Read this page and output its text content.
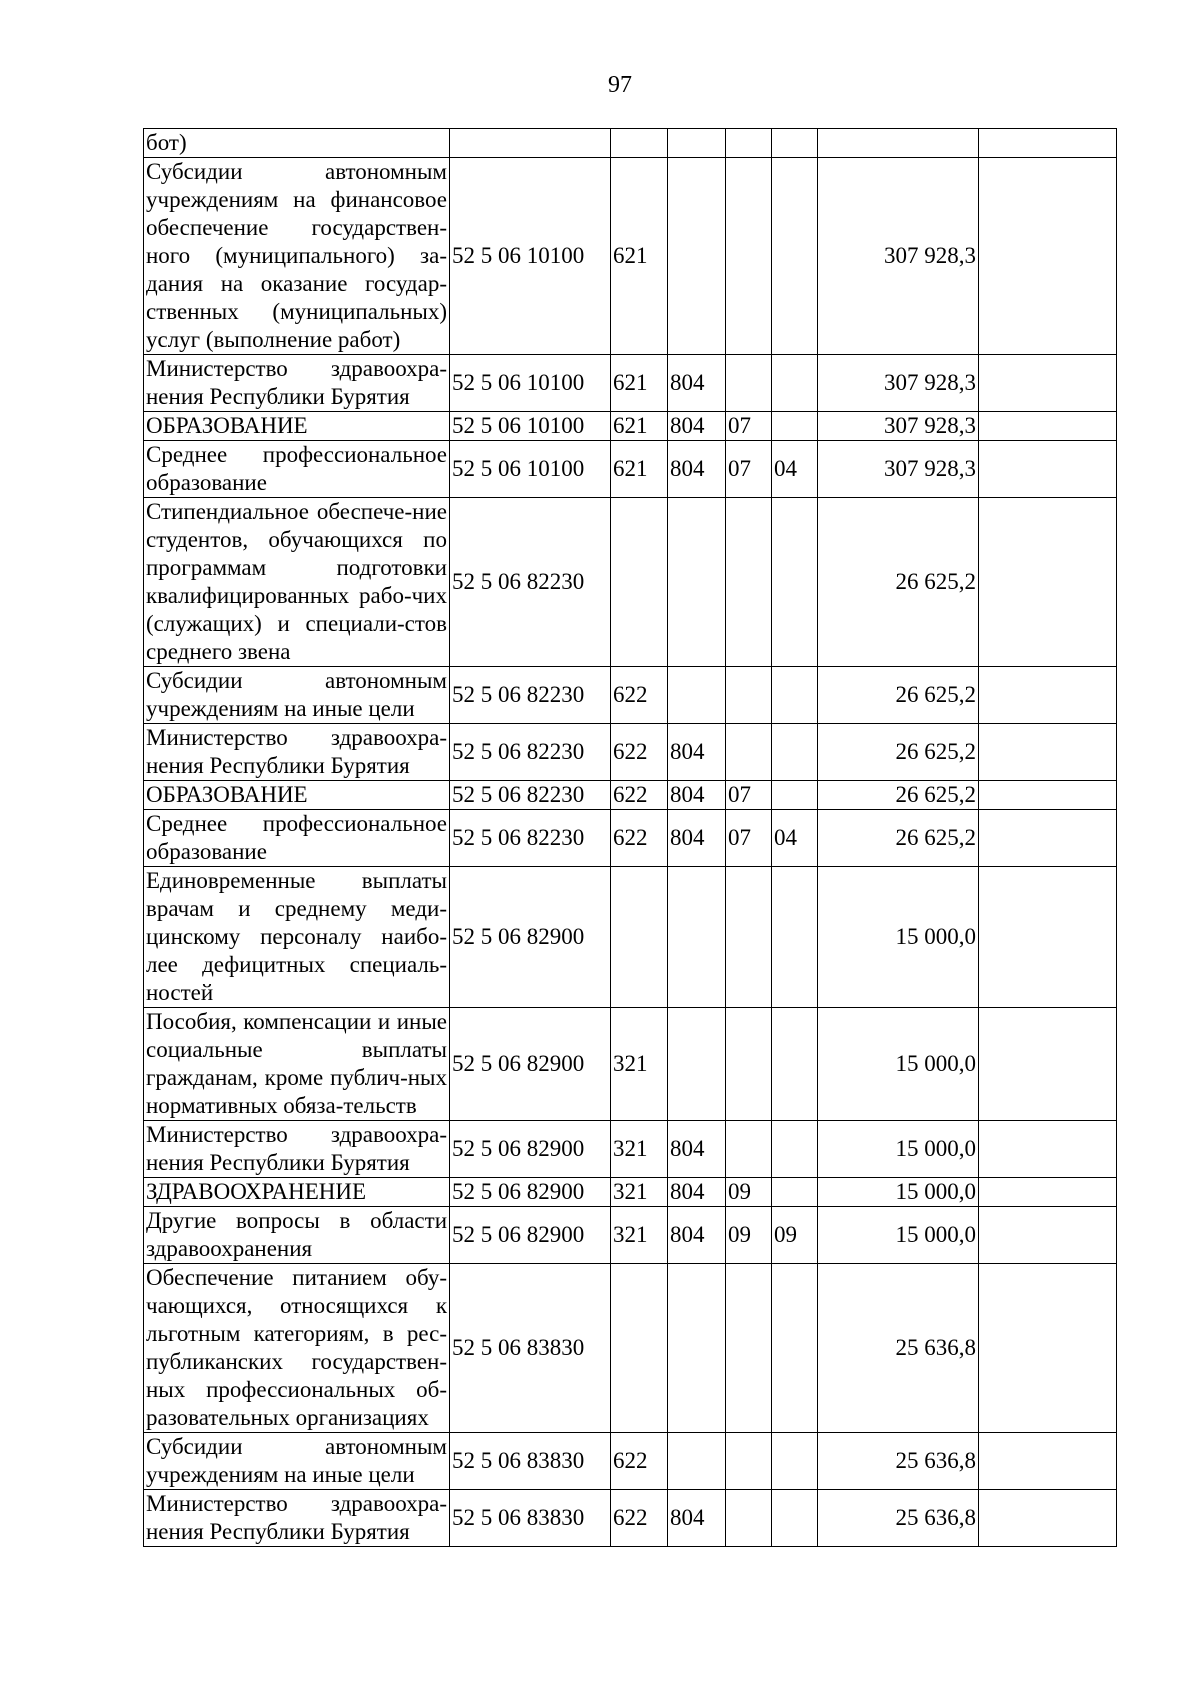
97
бот)							
Субсидии автономным учреждениям на финансовое обеспечение государствен-ного (муниципального) за-дания на оказание государ-ственных (муниципальных) услуг (выполнение работ)	52 5 06 10100	621				307 928,3	
Министерство здравоохра-нения Республики Бурятия	52 5 06 10100	621	804			307 928,3	
ОБРАЗОВАНИЕ	52 5 06 10100	621	804	07		307 928,3	
Среднее профессиональное образование	52 5 06 10100	621	804	07	04	307 928,3	
Стипендиальное обеспече-ние студентов, обучающихся по программам подготовки квалифицированных рабо-чих (служащих) и специали-стов среднего звена	52 5 06 82230					26 625,2	
Субсидии автономным учреждениям на иные цели	52 5 06 82230	622				26 625,2	
Министерство здравоохра-нения Республики Бурятия	52 5 06 82230	622	804			26 625,2	
ОБРАЗОВАНИЕ	52 5 06 82230	622	804	07		26 625,2	
Среднее профессиональное образование	52 5 06 82230	622	804	07	04	26 625,2	
Единовременные выплаты врачам и среднему меди-цинскому персоналу наибо-лее дефицитных специаль-ностей	52 5 06 82900					15 000,0	
Пособия, компенсации и иные социальные выплаты гражданам, кроме публич-ных нормативных обяза-тельств	52 5 06 82900	321				15 000,0	
Министерство здравоохра-нения Республики Бурятия	52 5 06 82900	321	804			15 000,0	
ЗДРАВООХРАНЕНИЕ	52 5 06 82900	321	804	09		15 000,0	
Другие вопросы в области здравоохранения	52 5 06 82900	321	804	09	09	15 000,0	
Обеспечение питанием обу-чающихся, относящихся к льготным категориям, в рес-публиканских государствен-ных профессиональных об-разовательных организациях	52 5 06 83830					25 636,8	
Субсидии автономным учреждениям на иные цели	52 5 06 83830	622				25 636,8	
Министерство здравоохра-нения Республики Бурятия	52 5 06 83830	622	804			25 636,8	
